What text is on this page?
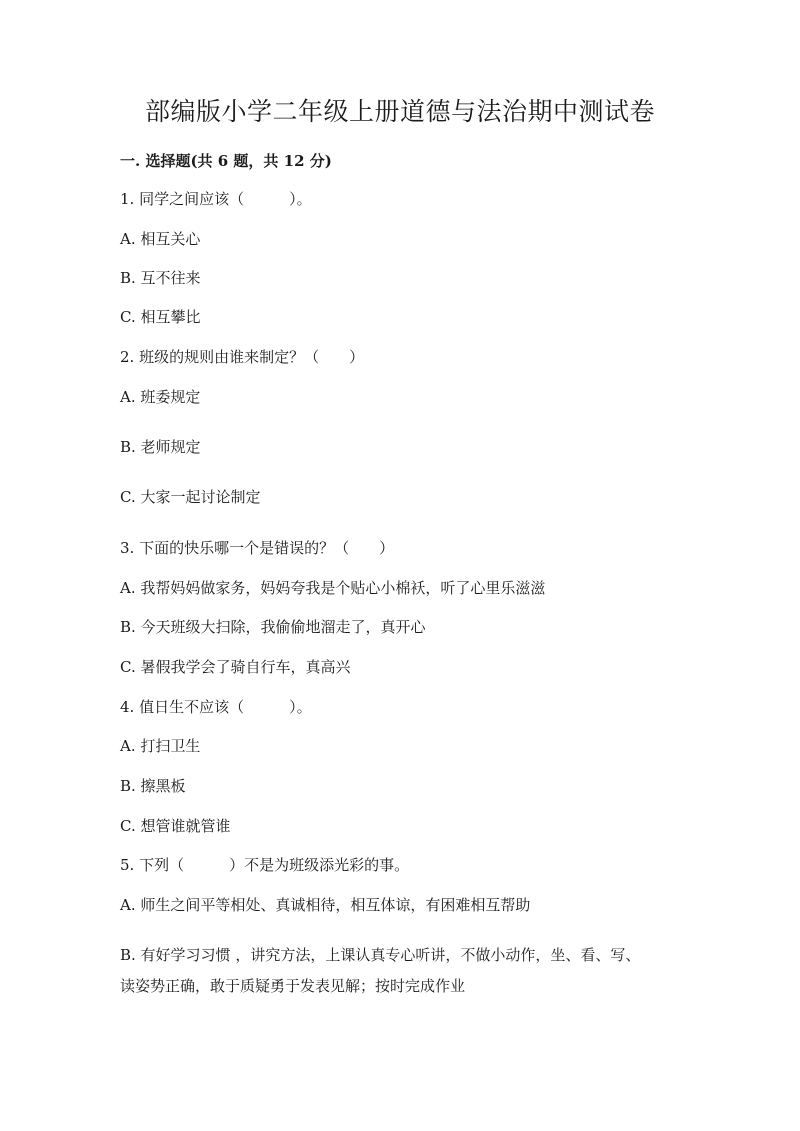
部编版小学二年级上册道德与法治期中测试卷
一. 选择题(共 6 题，共 12 分)
1. 同学之间应该（　　　）。
A. 相互关心
B. 互不往来
C. 相互攀比
2. 班级的规则由谁来制定？（　　）
A. 班委规定
B. 老师规定
C. 大家一起讨论制定
3. 下面的快乐哪一个是错误的？（　　）
A. 我帮妈妈做家务，妈妈夸我是个贴心小棉袄，听了心里乐滋滋
B. 今天班级大扫除，我偷偷地溜走了，真开心
C. 暑假我学会了骑自行车，真高兴
4. 值日生不应该（　　　）。
A. 打扫卫生
B. 擦黑板
C. 想管谁就管谁
5. 下列（　　　）不是为班级添光彩的事。
A. 师生之间平等相处、真诚相待，相互体谅，有困难相互帮助
B. 有好学习习惯 ，讲究方法，上课认真专心听讲，不做小动作，坐、看、写、
读姿势正确，敢于质疑勇于发表见解；按时完成作业
